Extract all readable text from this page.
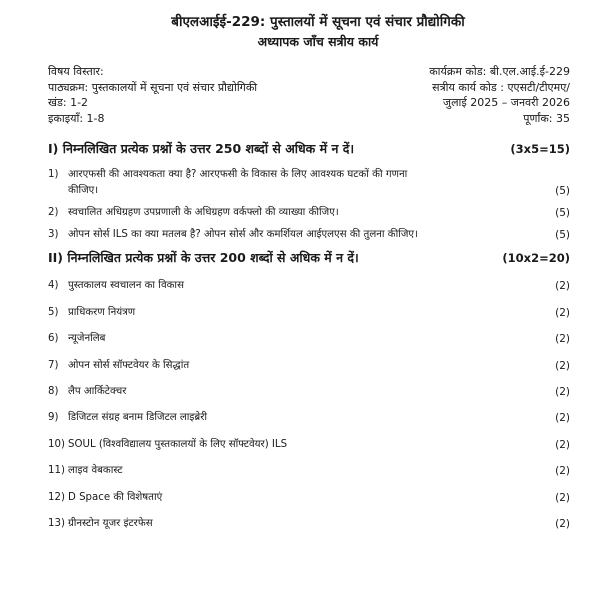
बीएलआईई-229: पुस्तालयों में सूचना एवं संचार प्रौद्योगिकी
अध्यापक जाँच सत्रीय कार्य
विषय विस्तार:	कार्यक्रम कोड: बी.एल.आई.ई-229
पाठ्यक्रम: पुस्तकालयों में सूचना एवं संचार प्रौद्योगिकी	सत्रीय कार्य कोड : एएसटी/टीएमए/
खंड: 1-2	जुलाई 2025 – जनवरी 2026
इकाइयाँ: 1-8	पूर्णांक: 35
I) निम्नलिखित प्रत्येक प्रश्नों के उत्तर 250 शब्दों से अधिक में न दें।	(3x5=15)
1) आरएफसी की आवश्यकता क्या है? आरएफसी के विकास के लिए आवश्यक घटकों की गणना
कीजिए।	(5)
2) स्वचालित अधिग्रहण उपप्रणाली के अधिग्रहण वर्कफ्लो की व्याख्या कीजिए।	(5)
3) ओपन सोर्स ILS का क्या मतलब है? ओपन सोर्स और कमर्शियल आईएलएस की तुलना कीजिए।	(5)
II) निम्नलिखित प्रत्येक प्रश्नों के उत्तर 200 शब्दों से अधिक में न दें।	(10x2=20)
4) पुस्तकालय स्वचालन का विकास	(2)
5) प्राधिकरण नियंत्रण	(2)
6) न्यूजेनलिब	(2)
7) ओपन सोर्स सॉफ्टवेयर के सिद्धांत	(2)
8) लैप आर्किटेक्चर	(2)
9) डिजिटल संग्रह बनाम डिजिटल लाइब्रेरी	(2)
10) SOUL (विश्वविद्यालय पुस्तकालयों के लिए सॉफ्टवेयर) ILS	(2)
11) लाइव वेबकास्ट	(2)
12) D Space की विशेषताएं	(2)
13) ग्रीनस्टोन यूजर इंटरफेस	(2)
